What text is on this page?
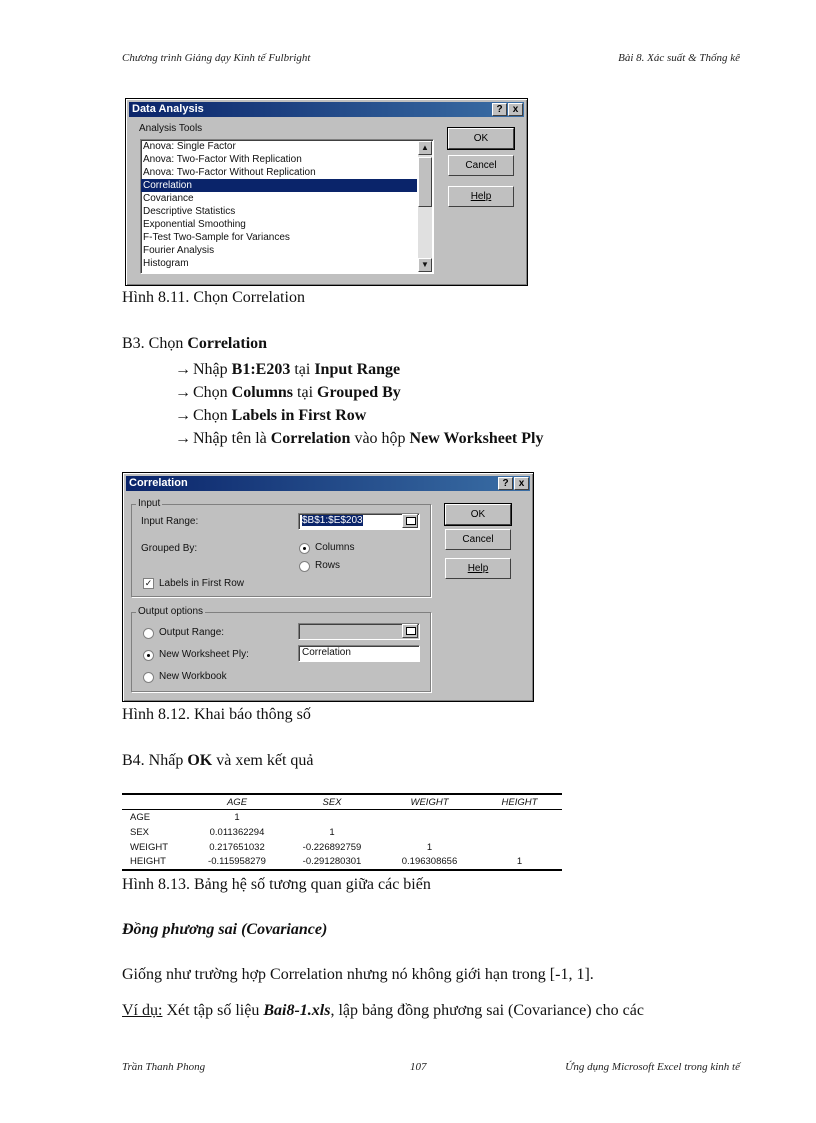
Chương trình Giảng dạy Kinh tế Fulbright	Bài 8. Xác suất & Thống kê
Data Analysis	?	x
Analysis Tools
Anova: Single Factor
Anova: Two-Factor With Replication
Anova: Two-Factor Without Replication
Correlation
Covariance
Descriptive Statistics
Exponential Smoothing
F-Test Two-Sample for Variances
Fourier Analysis
Histogram
▲
▼
OK
Cancel
Help
Hình 8.11. Chọn Correlation
B3. Chọn Correlation
→ Nhập B1:E203 tại Input Range
→ Chọn Columns tại Grouped By
→ Chọn Labels in First Row
→ Nhập tên là Correlation vào hộp New Worksheet Ply
Correlation	?	x
Input
Input Range:	$B$1:$E$203
Grouped By:	Columns
Rows
✓ Labels in First Row
Output options
Output Range:
New Worksheet Ply:	Correlation
New Workbook
OK
Cancel
Help
Hình 8.12. Khai báo thông số
B4. Nhấp OK và xem kết quả
	AGE	SEX	WEIGHT	HEIGHT
AGE	1			
SEX	0.011362294	1		
WEIGHT	0.217651032	-0.226892759	1	
HEIGHT	-0.115958279	-0.291280301	0.196308656	1
Hình 8.13. Bảng hệ số tương quan giữa các biến
Đồng phương sai (Covariance)
Giống như trường hợp Correlation nhưng nó không giới hạn trong [-1, 1].
Ví dụ: Xét tập số liệu Bai8-1.xls, lập bảng đồng phương sai (Covariance) cho các
Trần Thanh Phong	107	Ứng dụng Microsoft Excel trong kinh tế
